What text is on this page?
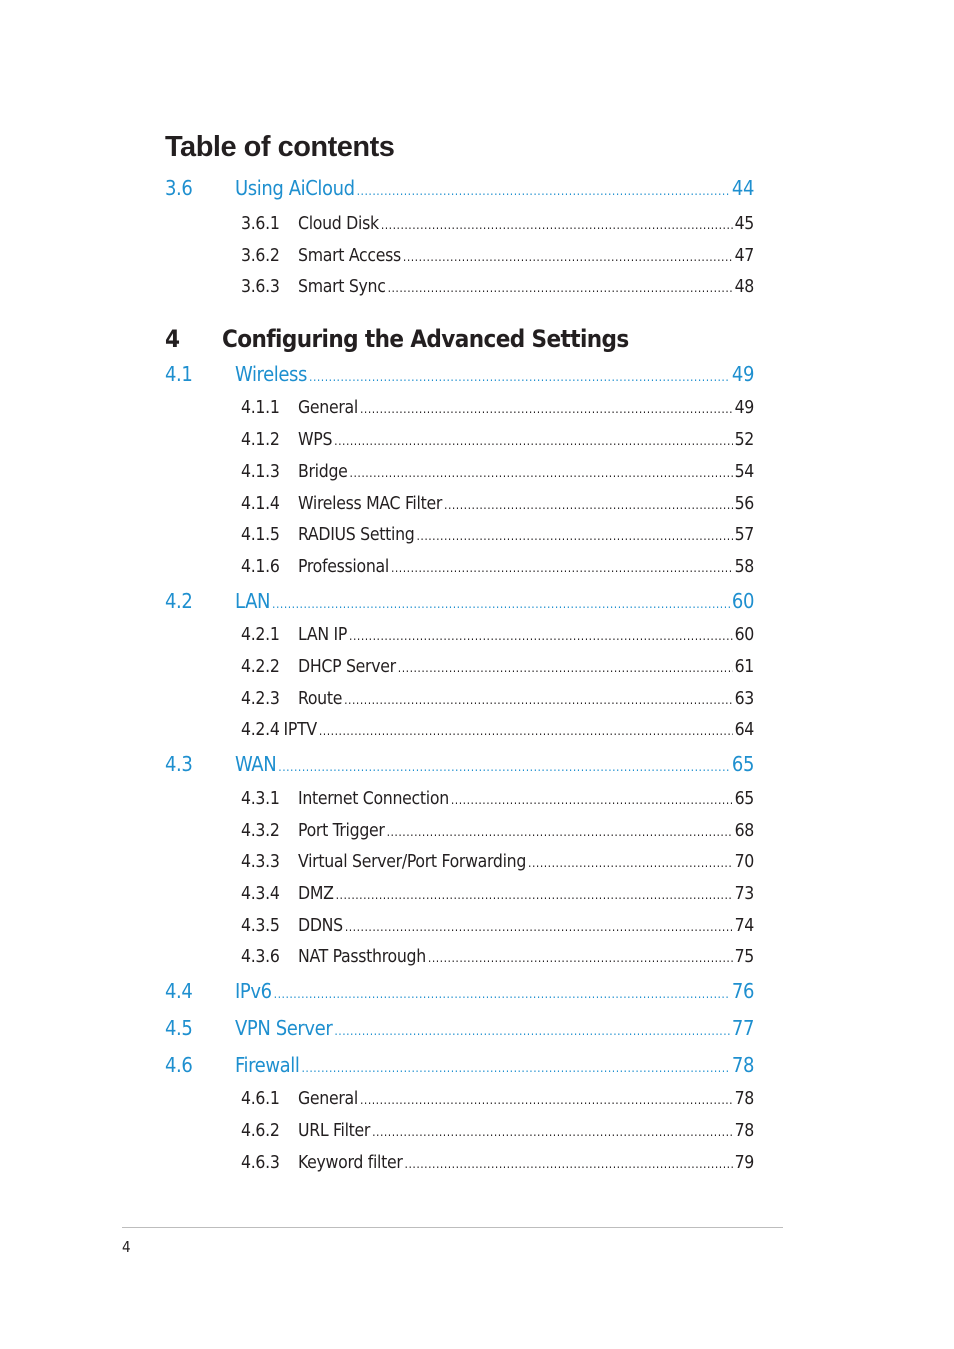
Table of contents
4	Configuring the Advanced Settings
3.6	Using AiCloud .....	44
3.6.1	Cloud Disk .....	45
3.6.2	Smart Access .....	47
3.6.3	Smart Sync .....	48
4.1	Wireless .....	49
4.1.1	General .....	49
4.1.2	WPS .....	52
4.1.3	Bridge .....	54
4.1.4	Wireless MAC Filter .....	56
4.1.5	RADIUS Setting .....	57
4.1.6	Professional .....	58
4.2	LAN .....	60
4.2.1	LAN IP .....	60
4.2.2	DHCP Server .....	61
4.2.3	Route .....	63
4.2.4 IPTV .....	64
4.3	WAN .....	65
4.3.1	Internet Connection .....	65
4.3.2	Port Trigger .....	68
4.3.3	Virtual Server/Port Forwarding .....	70
4.3.4	DMZ .....	73
4.3.5	DDNS .....	74
4.3.6	NAT Passthrough .....	75
4.4	IPv6 .....	76
4.5	VPN Server .....	77
4.6	Firewall .....	78
4.6.1	General .....	78
4.6.2	URL Filter .....	78
4.6.3	Keyword filter .....	79
4
